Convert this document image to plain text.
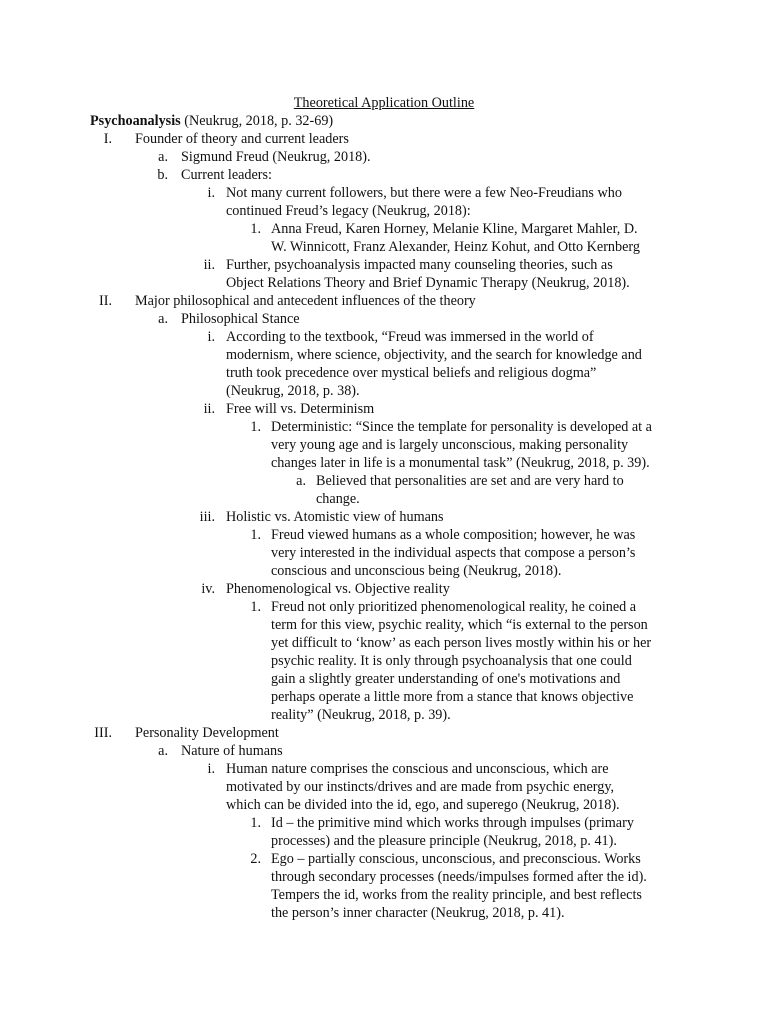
Theoretical Application Outline
Psychoanalysis (Neukrug, 2018, p. 32-69)
I.	Founder of theory and current leaders
a. Sigmund Freud (Neukrug, 2018).
b. Current leaders:
i. Not many current followers, but there were a few Neo-Freudians who
continued Freud’s legacy (Neukrug, 2018):
1. Anna Freud, Karen Horney, Melanie Kline, Margaret Mahler, D.
W. Winnicott, Franz Alexander, Heinz Kohut, and Otto Kernberg
ii. Further, psychoanalysis impacted many counseling theories, such as
Object Relations Theory and Brief Dynamic Therapy (Neukrug, 2018).
II.	Major philosophical and antecedent influences of the theory
a. Philosophical Stance
i. According to the textbook, “Freud was immersed in the world of
modernism, where science, objectivity, and the search for knowledge and
truth took precedence over mystical beliefs and religious dogma”
(Neukrug, 2018, p. 38).
ii. Free will vs. Determinism
1. Deterministic: “Since the template for personality is developed at a
very young age and is largely unconscious, making personality
changes later in life is a monumental task” (Neukrug, 2018, p. 39).
a. Believed that personalities are set and are very hard to
change.
iii. Holistic vs. Atomistic view of humans
1. Freud viewed humans as a whole composition; however, he was
very interested in the individual aspects that compose a person’s
conscious and unconscious being (Neukrug, 2018).
iv. Phenomenological vs. Objective reality
1. Freud not only prioritized phenomenological reality, he coined a
term for this view, psychic reality, which “is external to the person
yet difficult to ‘know’ as each person lives mostly within his or her
psychic reality. It is only through psychoanalysis that one could
gain a slightly greater understanding of one's motivations and
perhaps operate a little more from a stance that knows objective
reality” (Neukrug, 2018, p. 39).
III.	Personality Development
a. Nature of humans
i. Human nature comprises the conscious and unconscious, which are
motivated by our instincts/drives and are made from psychic energy,
which can be divided into the id, ego, and superego (Neukrug, 2018).
1. Id – the primitive mind which works through impulses (primary
processes) and the pleasure principle (Neukrug, 2018, p. 41).
2. Ego – partially conscious, unconscious, and preconscious. Works
through secondary processes (needs/impulses formed after the id).
Tempers the id, works from the reality principle, and best reflects
the person’s inner character (Neukrug, 2018, p. 41).
